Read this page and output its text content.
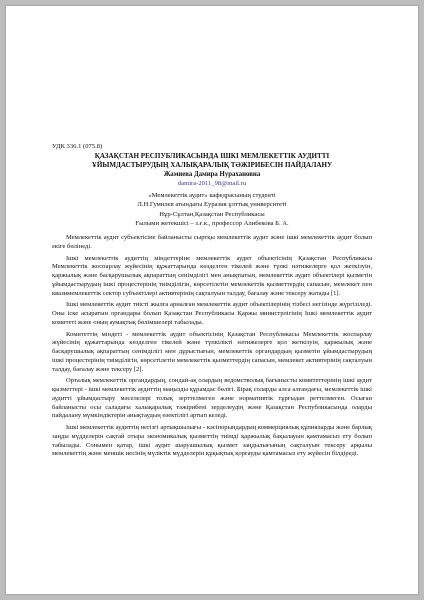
УДК 336.1 (075.8)
ҚАЗАҚСТАН РЕСПУБЛИКАСЫНДА ІШКІ МЕМЛЕКЕТТІК АУДИТТІ
ҰЙЫМДАСТЫРУДЫҢ ХАЛЫҚАРАЛЫҚ ТӘЖІРИБЕСІН ПАЙДАЛАНУ
Жамиева Дамира Нурахановна
damira-2011_98@mail.ru
«Мемлекеттік аудит» кафедрасының студенті
Л.Н.Гумилев атындағы Еуразия ұлттық университеті
Нұр-Сұлтан,Қазақстан Республикасы
Ғылыми жетекшісі – з.ғ.к., профессор Алибекова Б. А.

Мемлекеттік аудит субъектісіне байланысты сыртқы мемлекеттік аудит және ішкі мемлекеттік аудит болып екіге бөлінеді.

Ішкі мемлекеттік аудиттің міндеттеріне мемлекеттік аудит объектісінің Қазақстан Республикасы Мемлекеттік жоспарлау жүйесінің құжаттарында көзделген тікелей және түпкі нәтижелерге қол жеткізуін, қаржылық және басқарушылық ақпараттың сенімділігі мен анықтығын, мемлекеттік аудит объектілері қызметін ұйымдастырудың ішкі процестерінің тиімділігін, көрсетілетін мемлекеттік қызметтердің сапасын, мемлекет пен квазимемлекеттік сектор субъектілері активтерінің сақталуын талдау, бағалау және тексеру жатады [1].

Ішкі мемлекеттік аудит тиісті жылға арналған мемлекеттік аудит объектілерінің тізбесі негізінде жүргізіледі. Оны іске асыратын органдары болып Қазақстан Республикасы Қаржы министрлігінің Ішкі мемлекеттік аудит комитеті және оның аумақтық бөлімшелері табылады.

Комитеттің міндеті - мемлекеттік аудит объектісінің Қазақстан Республикасы Мемлекеттік жоспарлау жүйесінің құжаттарында көзделген тікелей және түпкілікті нәтижелерге қол жеткізуін, қаржылық және басқарушылық ақпараттың сенімділігі мен дұрыстығын, мемлекеттік органдардың қызметін ұйымдастырудың ішкі процестерінің тиімділігін, көрсетілетін мемлекеттік қызметтердің сапасын, мемлекет активтерінің сақталуын талдау, бағалау және тексеру [2].

Орталық мемлекеттік органдардың, сондай-ақ олардың ведомстволық бағынысты комитеттерінің ішкі аудит қызметтері - ішкі мемлекеттік аудиттің маңызды құрамдас бөлігі. Бірақ соларды алса алғандағы, мемлекеттік ішкі аудитті ұйымдастыру мәселелері толық зерттелмеген және нормативтік тұрғыдан реттелмеген. Осыған байланысты осы саладағы халықаралық тәжірибені зерделеудің және Қазақстан Республикасында оларды пайдалану мүмкіндіктерін анықтаудың өзектілігі артып келеді.

Ішкі мемлекеттік аудиттің негізгі артықшылығы - кәсіпорындардың коммерциялық құпияларды және барлық заңды мүдделерін сақтай отыра экономикалық қызметтің тиімді қаржылық бақылауын қамтамасыз ету болып табылады. Сонымен қатар, ішкі аудит шаруашылық қызмет заңдылығының сақталуын тексеру арқылы мемлекеттің және меншік иесінің мүліктік мүдделерін құқықтық қорғауды қамтамасыз ету жүйесін білдіреді.
